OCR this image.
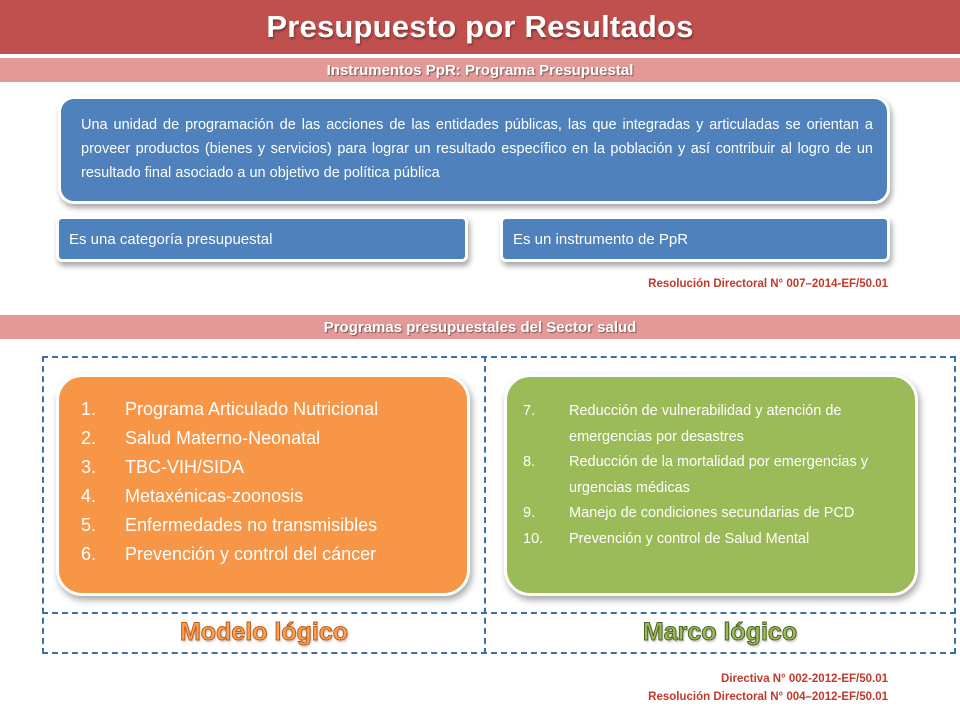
Presupuesto por Resultados
Instrumentos PpR: Programa Presupuestal
Una unidad de programación de las acciones de las entidades públicas, las que integradas y articuladas se orientan a proveer productos (bienes y servicios) para lograr un resultado específico en la población y así contribuir al logro de un resultado final asociado a un objetivo de política pública
Es una categoría presupuestal	Es un instrumento de PpR
Resolución Directoral N° 007–2014-EF/50.01
Programas presupuestales del Sector salud
1.	Programa Articulado Nutricional
2.	Salud Materno-Neonatal
3.	TBC-VIH/SIDA
4.	Metaxénicas-zoonosis
5.	Enfermedades no transmisibles
6.	Prevención y control del cáncer
7.	Reducción de vulnerabilidad y atención de emergencias por desastres
8.	Reducción de la mortalidad por emergencias y urgencias médicas
9.	Manejo de condiciones secundarias de PCD
10.	Prevención y control de Salud Mental
Modelo lógico	Marco lógico
Directiva N° 002-2012-EF/50.01
Resolución Directoral N° 004–2012-EF/50.01
